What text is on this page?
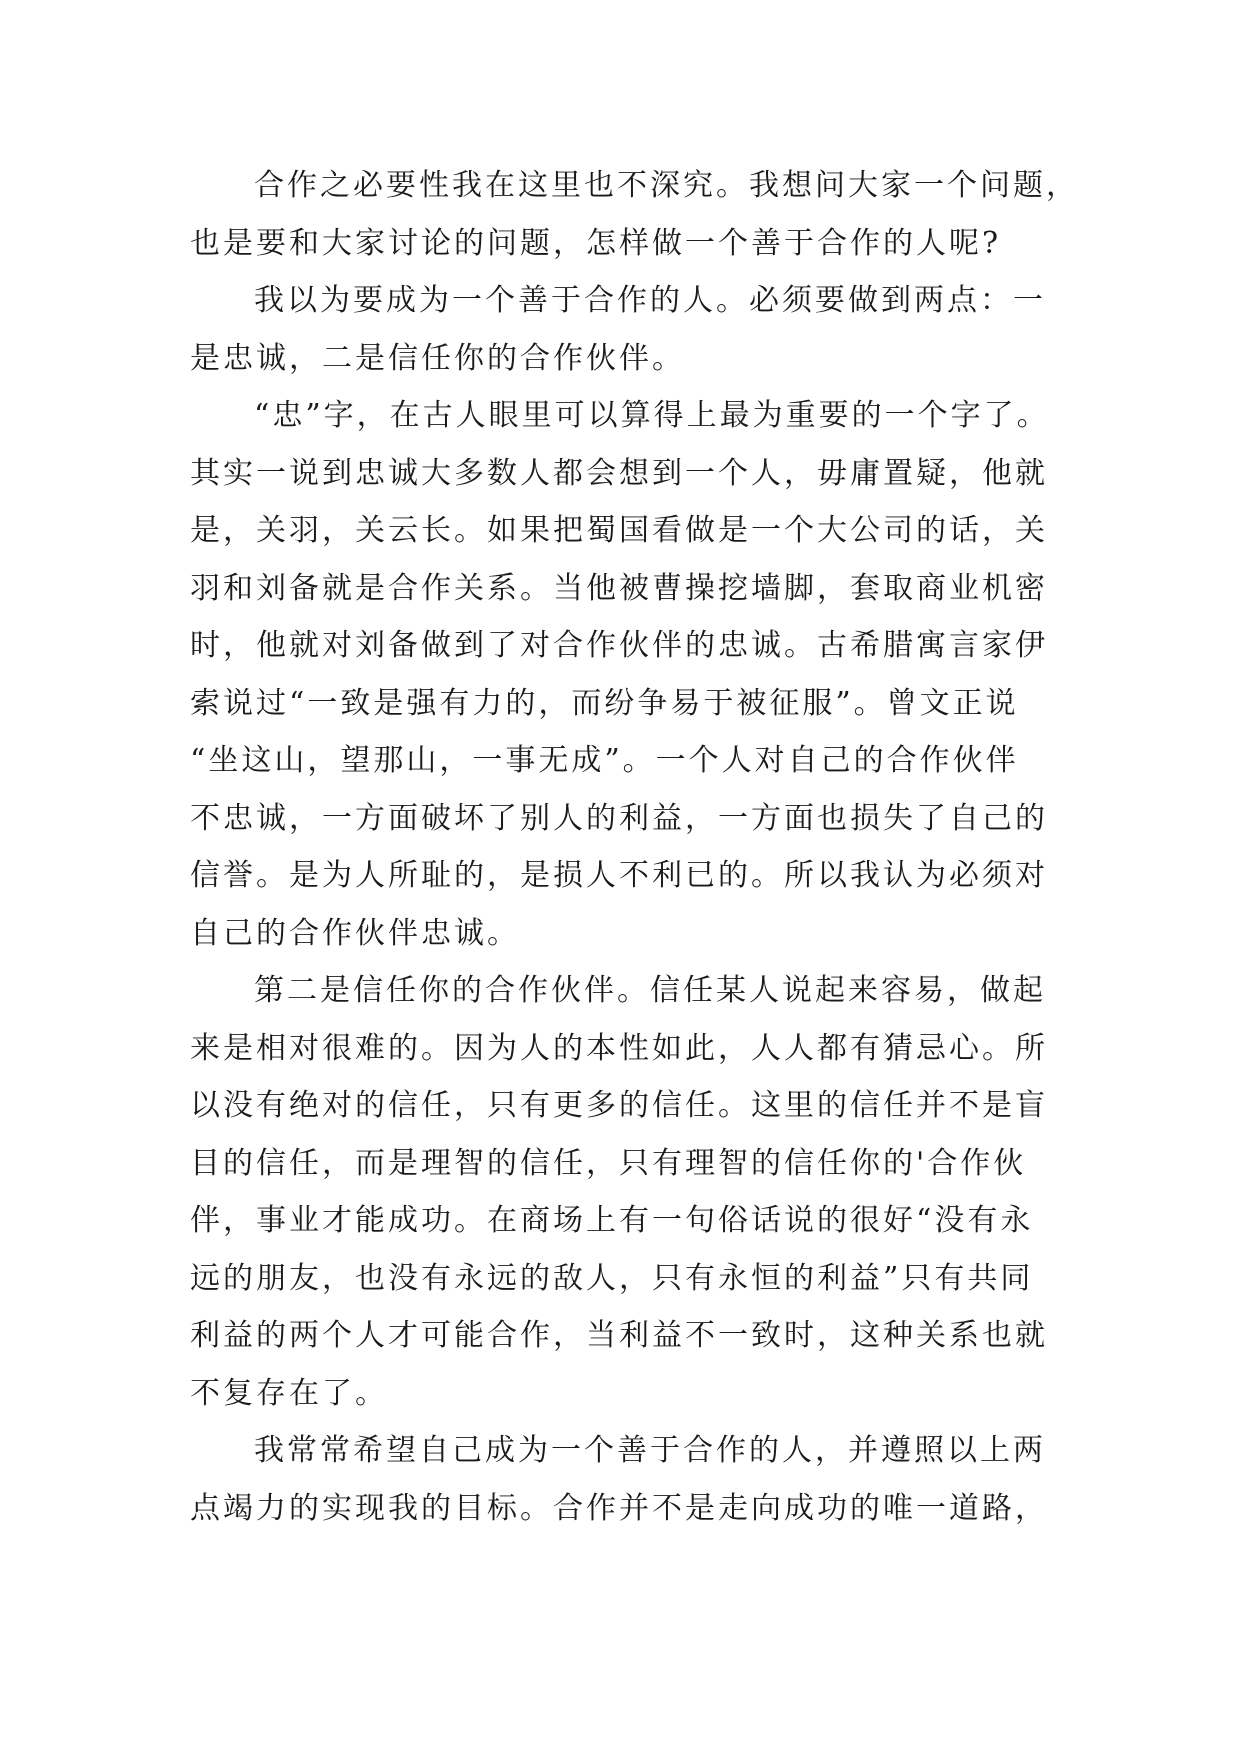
合作之必要性我在这里也不深究。我想问大家一个问题，
也是要和大家讨论的问题，怎样做一个善于合作的人呢?
我以为要成为一个善于合作的人。必须要做到两点：一
是忠诚，二是信任你的合作伙伴。
“忠”字，在古人眼里可以算得上最为重要的一个字了。
其实一说到忠诚大多数人都会想到一个人，毋庸置疑，他就
是，关羽，关云长。如果把蜀国看做是一个大公司的话，关
羽和刘备就是合作关系。当他被曹操挖墙脚，套取商业机密
时，他就对刘备做到了对合作伙伴的忠诚。古希腊寓言家伊
索说过“一致是强有力的，而纷争易于被征服”。曾文正说
“坐这山，望那山，一事无成”。一个人对自己的合作伙伴
不忠诚，一方面破坏了别人的利益，一方面也损失了自己的
信誉。是为人所耻的，是损人不利已的。所以我认为必须对
自己的合作伙伴忠诚。
第二是信任你的合作伙伴。信任某人说起来容易，做起
来是相对很难的。因为人的本性如此，人人都有猜忌心。所
以没有绝对的信任，只有更多的信任。这里的信任并不是盲
目的信任，而是理智的信任，只有理智的信任你的'合作伙
伴，事业才能成功。在商场上有一句俗话说的很好“没有永
远的朋友，也没有永远的敌人，只有永恒的利益”只有共同
利益的两个人才可能合作，当利益不一致时，这种关系也就
不复存在了。
我常常希望自己成为一个善于合作的人，并遵照以上两
点竭力的实现我的目标。合作并不是走向成功的唯一道路，
